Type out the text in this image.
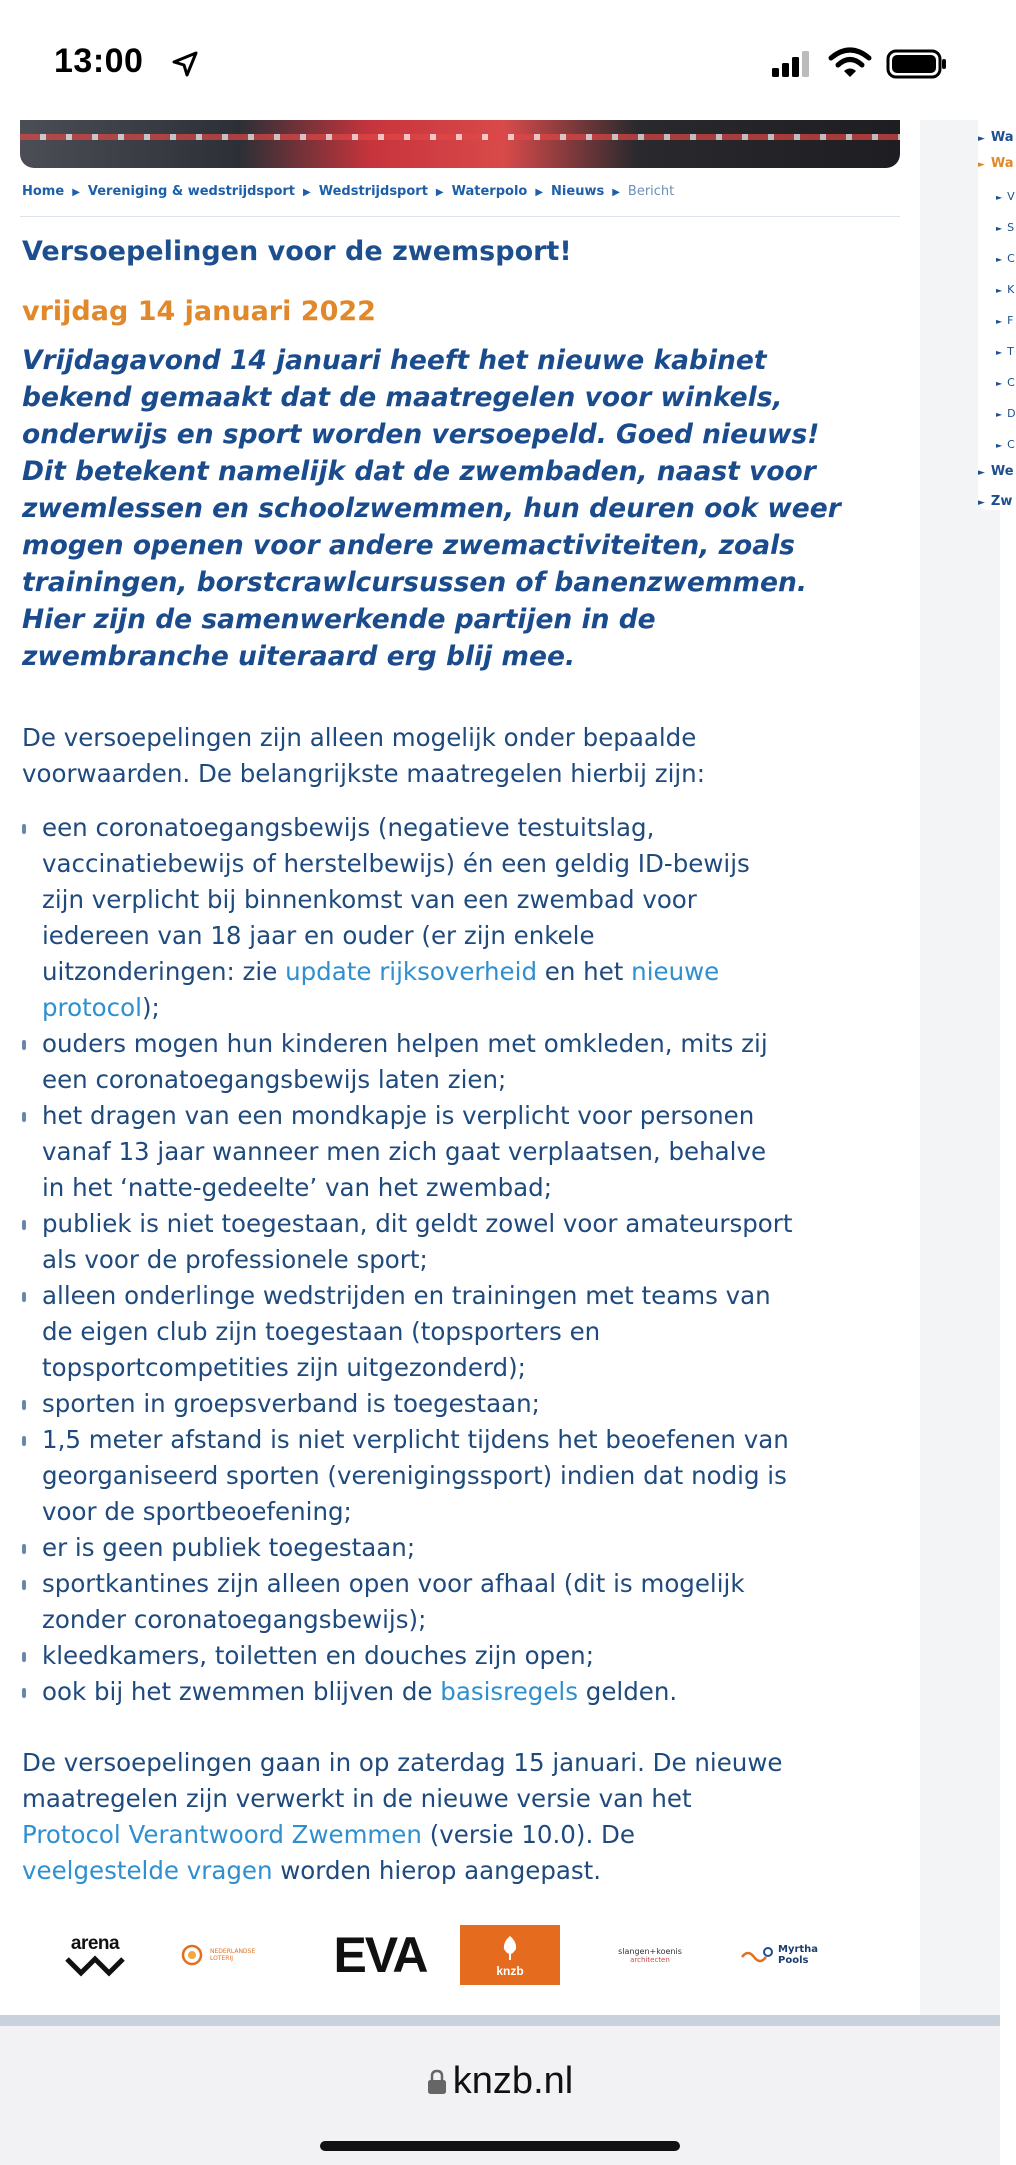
13:00
Home ▶ Vereniging & wedstrijdsport ▶ Wedstrijdsport ▶ Waterpolo ▶ Nieuws ▶ Bericht
Versoepelingen voor de zwemsport!
vrijdag 14 januari 2022
Vrijdagavond 14 januari heeft het nieuwe kabinet
bekend gemaakt dat de maatregelen voor winkels,
onderwijs en sport worden versoepeld. Goed nieuws!
Dit betekent namelijk dat de zwembaden, naast voor
zwemlessen en schoolzwemmen, hun deuren ook weer
mogen openen voor andere zwemactiviteiten, zoals
trainingen, borstcrawlcursussen of banenzwemmen.
Hier zijn de samenwerkende partijen in de
zwembranche uiteraard erg blij mee.
De versoepelingen zijn alleen mogelijk onder bepaalde
voorwaarden. De belangrijkste maatregelen hierbij zijn:
een coronatoegangsbewijs (negatieve testuitslag,
vaccinatiebewijs of herstelbewijs) én een geldig ID-bewijs
zijn verplicht bij binnenkomst van een zwembad voor
iedereen van 18 jaar en ouder (er zijn enkele
uitzonderingen: zie update rijksoverheid en het nieuwe
protocol);
ouders mogen hun kinderen helpen met omkleden, mits zij
een coronatoegangsbewijs laten zien;
het dragen van een mondkapje is verplicht voor personen
vanaf 13 jaar wanneer men zich gaat verplaatsen, behalve
in het ‘natte-gedeelte’ van het zwembad;
publiek is niet toegestaan, dit geldt zowel voor amateursport
als voor de professionele sport;
alleen onderlinge wedstrijden en trainingen met teams van
de eigen club zijn toegestaan (topsporters en
topsportcompetities zijn uitgezonderd);
sporten in groepsverband is toegestaan;
1,5 meter afstand is niet verplicht tijdens het beoefenen van
georganiseerd sporten (verenigingssport) indien dat nodig is
voor de sportbeoefening;
er is geen publiek toegestaan;
sportkantines zijn alleen open voor afhaal (dit is mogelijk
zonder coronatoegangsbewijs);
kleedkamers, toiletten en douches zijn open;
ook bij het zwemmen blijven de basisregels gelden.
De versoepelingen gaan in op zaterdag 15 januari. De nieuwe
maatregelen zijn verwerkt in de nieuwe versie van het
Protocol Verantwoord Zwemmen (versie 10.0). De
veelgestelde vragen worden hierop aangepast.
arena	NEDERLANDSE LOTERIJ	EVA	knzb
slangen+koenis
architecten
Myrtha Pools
► Wa
► Wa
► V
► S
► C
► K
► F
► T
► C
► D
► C
► We
► Zw
knzb.nl
